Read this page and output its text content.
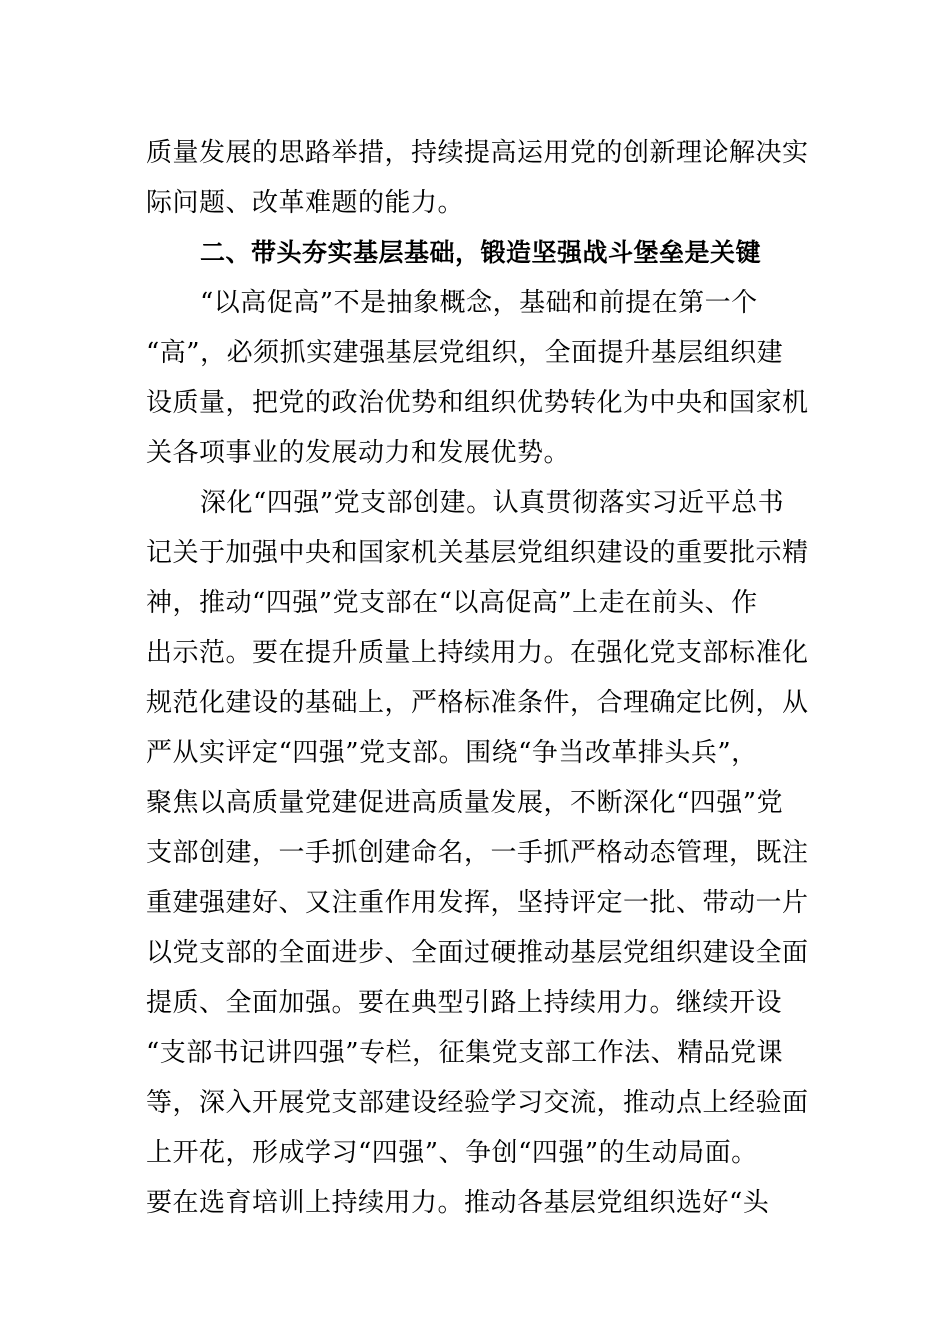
质量发展的思路举措，持续提高运用党的创新理论解决实
际问题、改革难题的能力。
二、带头夯实基层基础，锻造坚强战斗堡垒是关键
“以高促高”不是抽象概念，基础和前提在第一个
“高”，必须抓实建强基层党组织，全面提升基层组织建
设质量，把党的政治优势和组织优势转化为中央和国家机
关各项事业的发展动力和发展优势。
深化“四强”党支部创建。认真贯彻落实习近平总书
记关于加强中央和国家机关基层党组织建设的重要批示精
神，推动“四强”党支部在“以高促高”上走在前头、作
出示范。要在提升质量上持续用力。在强化党支部标准化
规范化建设的基础上，严格标准条件，合理确定比例，从
严从实评定“四强”党支部。围绕“争当改革排头兵”，
聚焦以高质量党建促进高质量发展，不断深化“四强”党
支部创建，一手抓创建命名，一手抓严格动态管理，既注
重建强建好、又注重作用发挥，坚持评定一批、带动一片
以党支部的全面进步、全面过硬推动基层党组织建设全面
提质、全面加强。要在典型引路上持续用力。继续开设
“支部书记讲四强”专栏，征集党支部工作法、精品党课
等，深入开展党支部建设经验学习交流，推动点上经验面
上开花，形成学习“四强”、争创“四强”的生动局面。
要在选育培训上持续用力。推动各基层党组织选好“头
